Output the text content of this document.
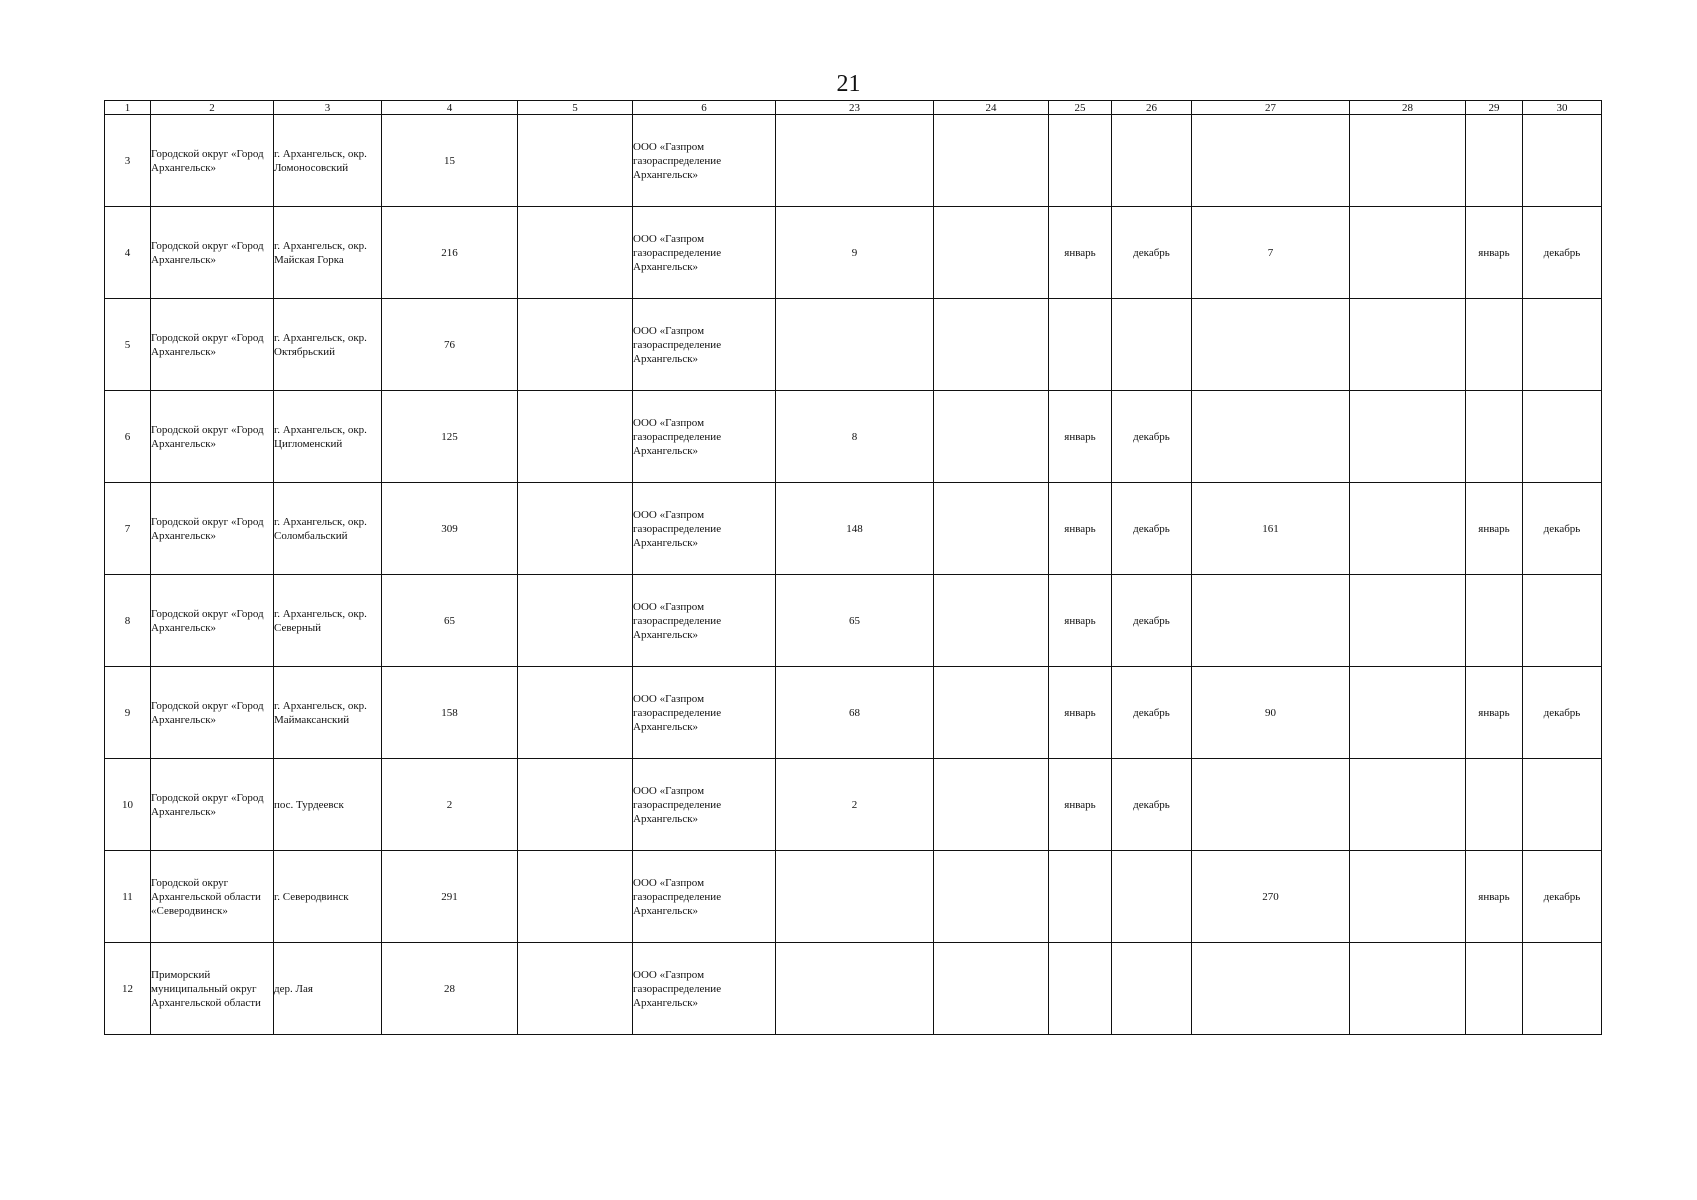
21
1	2	3	4	5	6	23	24	25	26	27	28	29	30
3	Городской округ «Город Архангельск»	г. Архангельск, окр. Ломоносовский	15		ООО «Газпром газораспределение Архангельск»								
4	Городской округ «Город Архангельск»	г. Архангельск, окр. Майская Горка	216		ООО «Газпром газораспределение Архангельск»	9		январь	декабрь	7		январь	декабрь
5	Городской округ «Город Архангельск»	г. Архангельск, окр. Октябрьский	76		ООО «Газпром газораспределение Архангельск»								
6	Городской округ «Город Архангельск»	г. Архангельск, окр. Цигломенский	125		ООО «Газпром газораспределение Архангельск»	8		январь	декабрь				
7	Городской округ «Город Архангельск»	г. Архангельск, окр. Соломбальский	309		ООО «Газпром газораспределение Архангельск»	148		январь	декабрь	161		январь	декабрь
8	Городской округ «Город Архангельск»	г. Архангельск, окр. Северный	65		ООО «Газпром газораспределение Архангельск»	65		январь	декабрь				
9	Городской округ «Город Архангельск»	г. Архангельск, окр. Маймаксанский	158		ООО «Газпром газораспределение Архангельск»	68		январь	декабрь	90		январь	декабрь
10	Городской округ «Город Архангельск»	пос. Турдеевск	2		ООО «Газпром газораспределение Архангельск»	2		январь	декабрь				
11	Городской округ Архангельской области «Северодвинск»	г. Северодвинск	291		ООО «Газпром газораспределение Архангельск»					270		январь	декабрь
12	Приморский муниципальный округ Архангельской области	дер. Лая	28		ООО «Газпром газораспределение Архангельск»								
